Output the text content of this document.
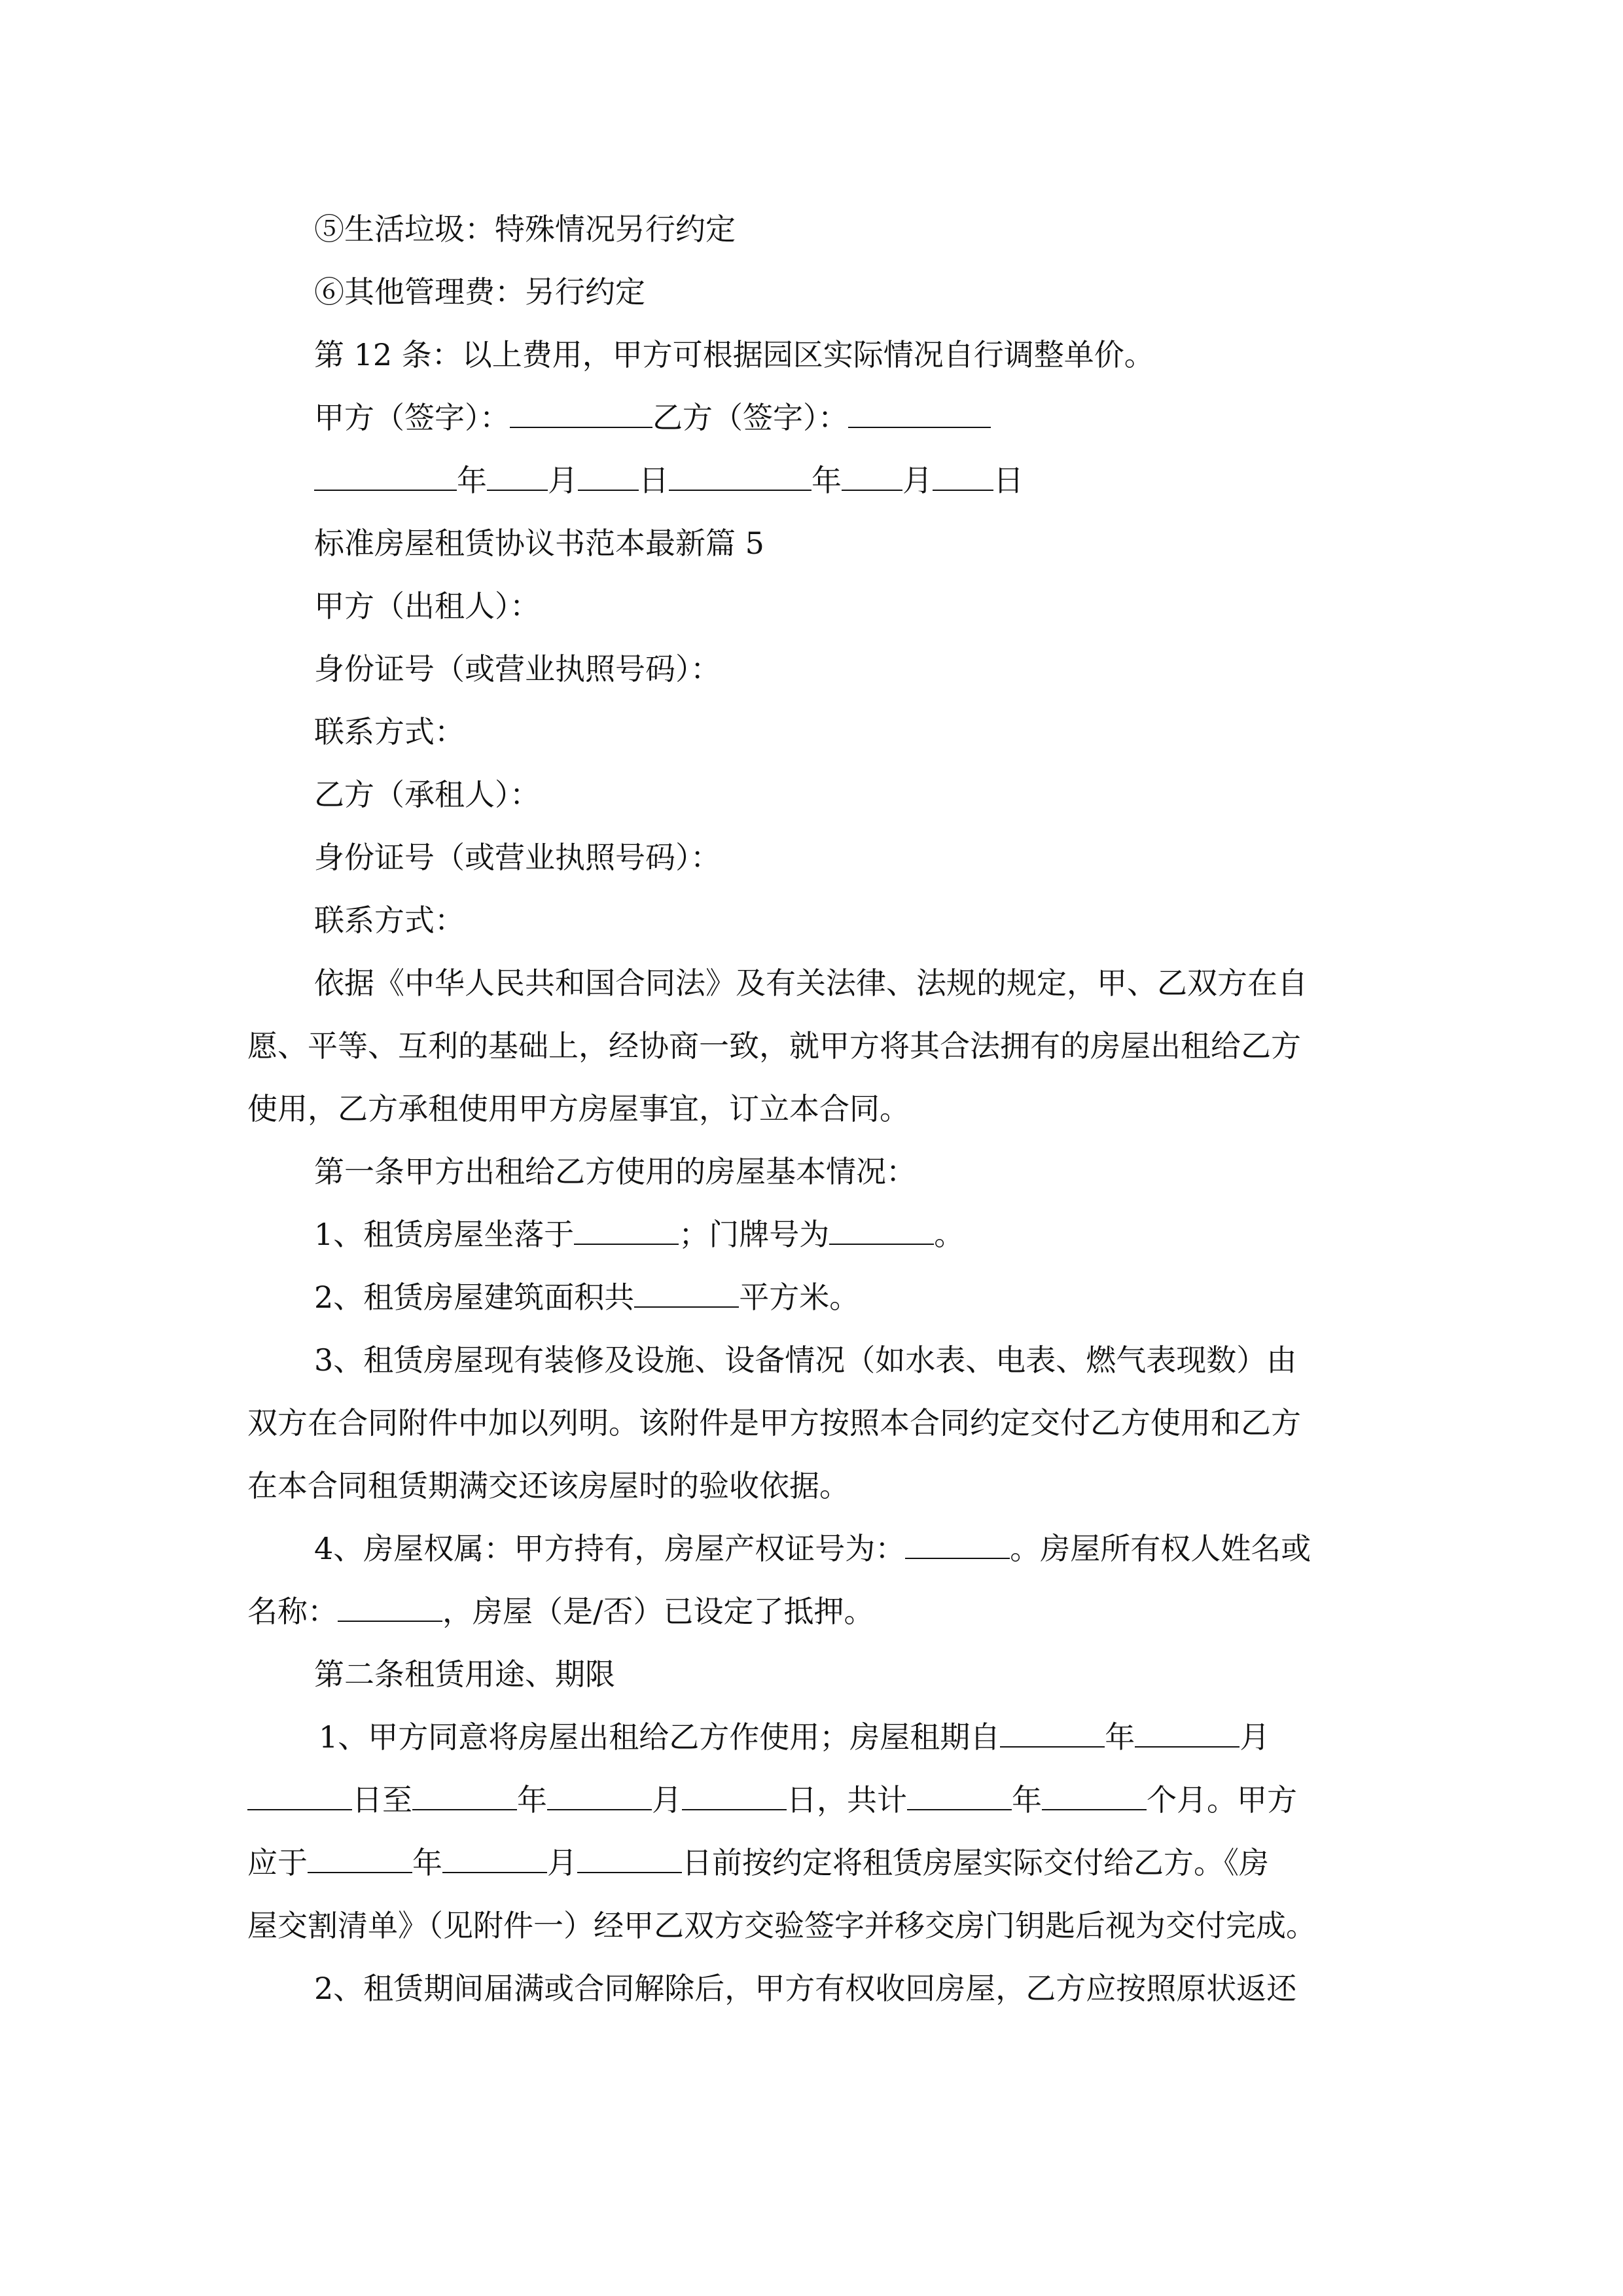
⑤生活垃圾：特殊情况另行约定
⑥其他管理费：另行约定
第 12 条：以上费用，甲方可根据园区实际情况自行调整单价。
甲方（签字）：	乙方（签字）：
年 月 日	年 月 日
标准房屋租赁协议书范本最新篇 5
甲方（出租人）：
身份证号（或营业执照号码）：
联系方式：
乙方（承租人）：
身份证号（或营业执照号码）：
联系方式：
依据《中华人民共和国合同法》及有关法律、法规的规定，甲、乙双方在自
愿、平等、互利的基础上，经协商一致，就甲方将其合法拥有的房屋出租给乙方
使用，乙方承租使用甲方房屋事宜，订立本合同。
第一条甲方出租给乙方使用的房屋基本情况：
1、租赁房屋坐落于	；门牌号为	。
2、租赁房屋建筑面积共	平方米。
3、租赁房屋现有装修及设施、设备情况（如水表、电表、燃气表现数）由
双方在合同附件中加以列明。该附件是甲方按照本合同约定交付乙方使用和乙方
在本合同租赁期满交还该房屋时的验收依据。
4、房屋权属：甲方持有，房屋产权证号为：	。房屋所有权人姓名或
名称：	，房屋（是/否）已设定了抵押。
第二条租赁用途、期限
1、甲方同意将房屋出租给乙方作使用；房屋租期自	年	月
日至	年	月	日，共计	年	个月。甲方
应于	年	月	日前按约定将租赁房屋实际交付给乙方。《房
屋交割清单》（见附件一）经甲乙双方交验签字并移交房门钥匙后视为交付完成。
2、租赁期间届满或合同解除后，甲方有权收回房屋，乙方应按照原状返还
